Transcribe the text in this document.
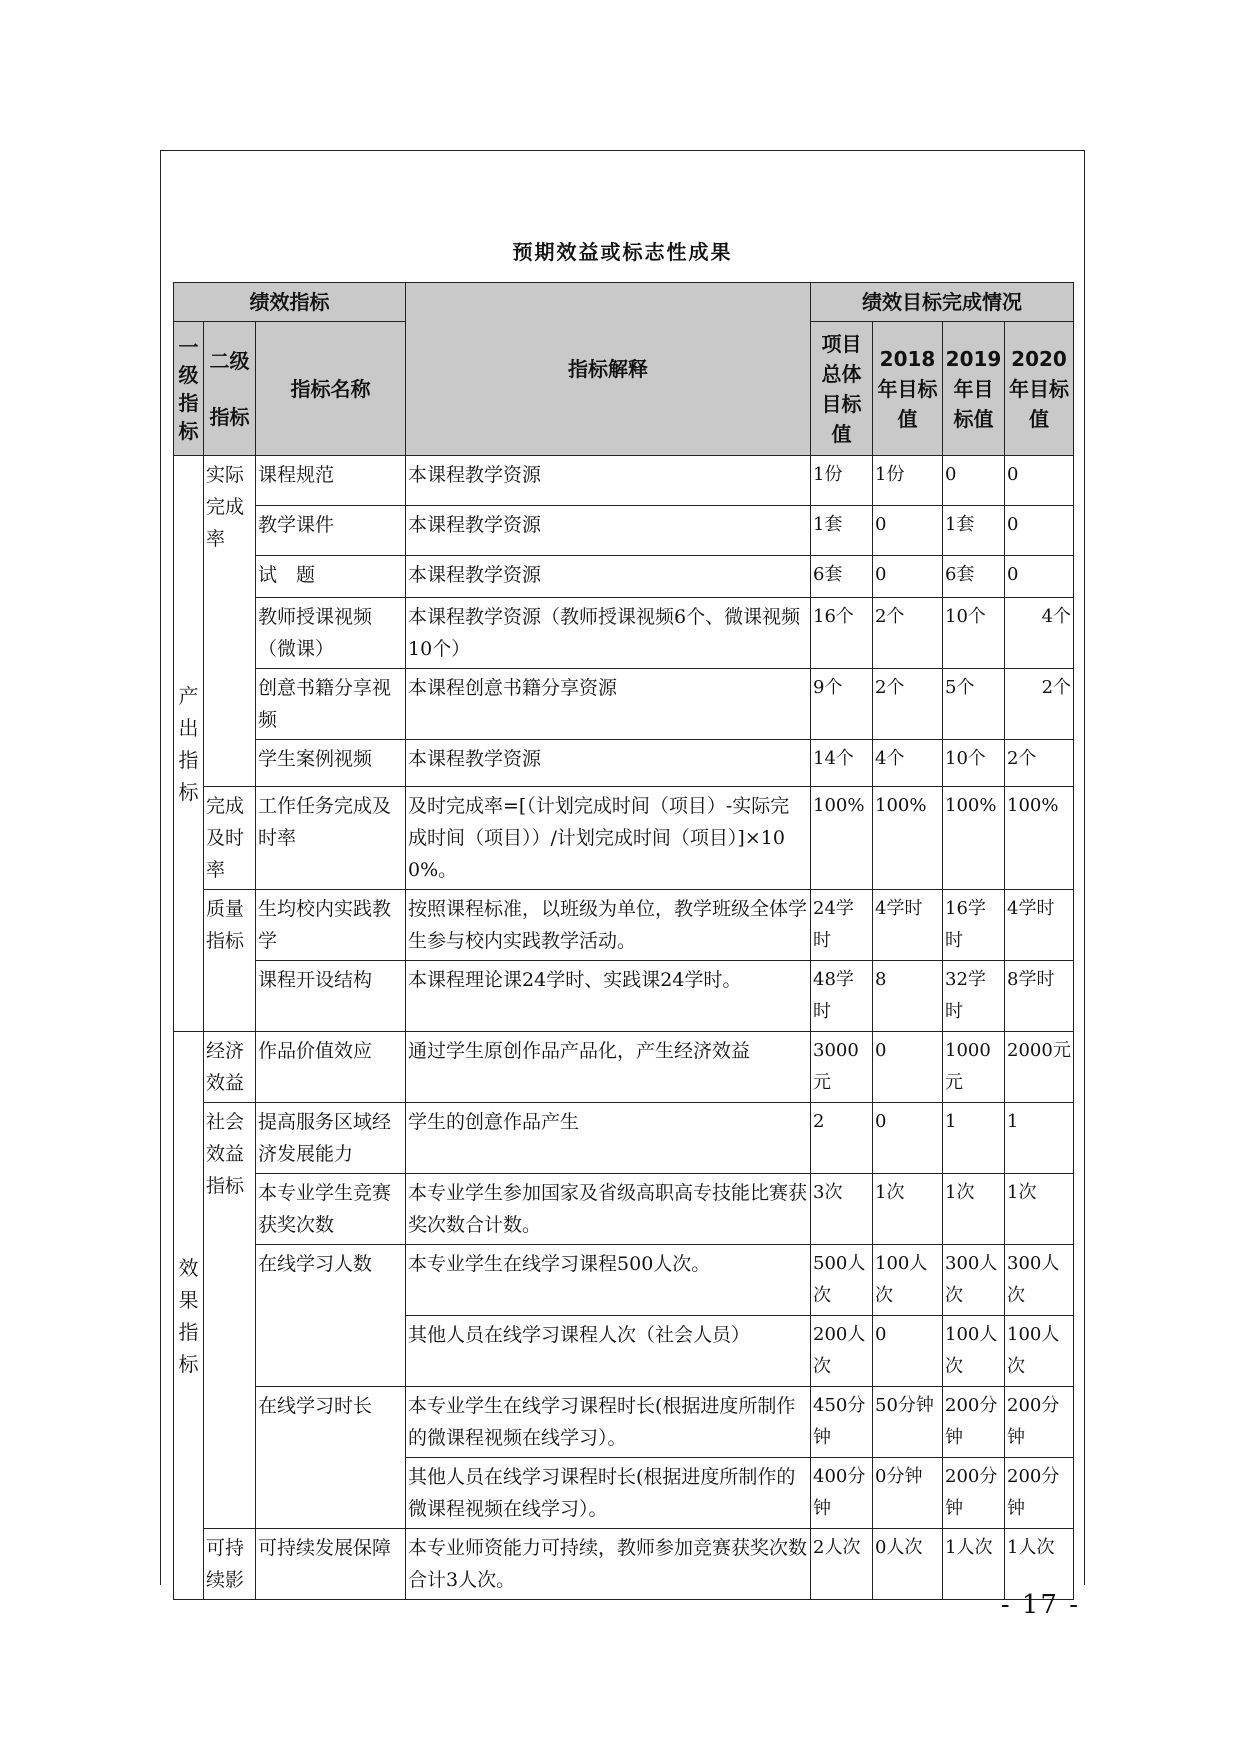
预期效益或标志性成果
绩效指标			指标解释	绩效目标完成情况			
一级指标	二级

指标	指标名称		项目总体目标值	2018年目标值	2019年目标值	2020年目标值
产出指标	实际完成率	课程规范	本课程教学资源	1份	1份	0	0
		教学课件	本课程教学资源	1套	0	1套	0
		试　题	本课程教学资源	6套	0	6套	0
		教师授课视频（微课）	本课程教学资源（教师授课视频6个、微课视频10个）	16个	2个	10个	4个
		创意书籍分享视频	本课程创意书籍分享资源	9个	2个	5个	2个
		学生案例视频	本课程教学资源	14个	4个	10个	2个
	完成及时率	工作任务完成及时率	及时完成率=[（计划完成时间（项目）-实际完成时间（项目））/计划完成时间（项目）]×100%。	100%	100%	100%	100%
	质量指标	生均校内实践教学	按照课程标准，以班级为单位，教学班级全体学生参与校内实践教学活动。	24学时	4学时	16学时	4学时
		课程开设结构	本课程理论课24学时、实践课24学时。	48学时	8	32学时	8学时
效果指标	经济效益	作品价值效应	通过学生原创作品产品化，产生经济效益	3000元	0	1000元	2000元
	社会效益指标	提高服务区域经济发展能力	学生的创意作品产生	2	0	1	1
		本专业学生竞赛获奖次数	本专业学生参加国家及省级高职高专技能比赛获奖次数合计数。	3次	1次	1次	1次
		在线学习人数	本专业学生在线学习课程500人次。	500人次	100人次	300人次	300人次
			其他人员在线学习课程人次（社会人员）	200人次	0	100人次	100人次
		在线学习时长	本专业学生在线学习课程时长(根据进度所制作的微课程视频在线学习）。	450分钟	50分钟	200分钟	200分钟
			其他人员在线学习课程时长(根据进度所制作的微课程视频在线学习）。	400分钟	0分钟	200分钟	200分钟
	可持续影	可持续发展保障	本专业师资能力可持续，教师参加竞赛获奖次数合计3人次。	2人次	0人次	1人次	1人次
- 17 -
